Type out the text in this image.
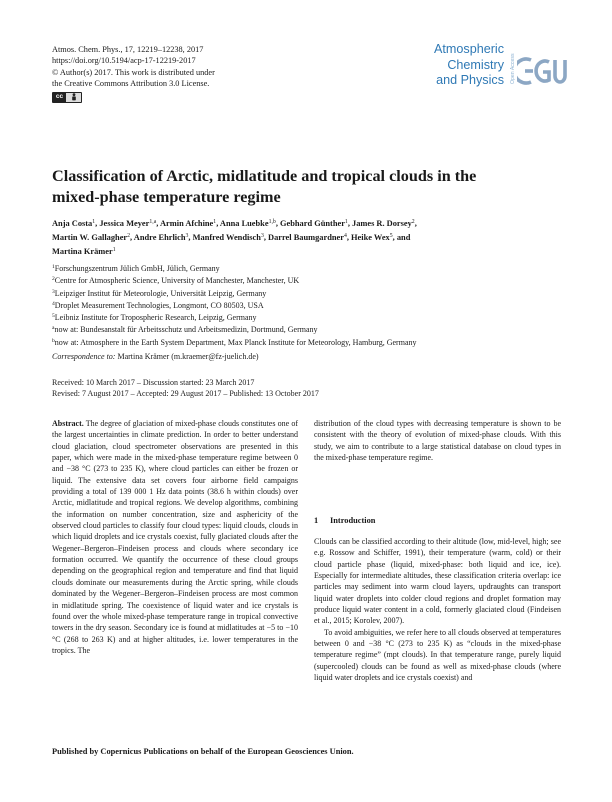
Atmos. Chem. Phys., 17, 12219–12238, 2017
https://doi.org/10.5194/acp-17-12219-2017
© Author(s) 2017. This work is distributed under
the Creative Commons Attribution 3.0 License.
cc
Atmospheric
Chemistry
and Physics Open Access
Classification of Arctic, midlatitude and tropical clouds in the mixed-phase temperature regime
Anja Costa$^1$, Jessica Meyer$^{1,a}$, Armin Afchine$^1$, Anna Luebke$^{1,b}$, Gebhard Günther$^1$, James R. Dorsey$^2$,
Martin W. Gallagher$^2$, Andre Ehrlich$^3$, Manfred Wendisch$^3$, Darrel Baumgardner$^4$, Heike Wex$^5$, and
Martina Krämer$^1$
$^1$Forschungszentrum Jülich GmbH, Jülich, Germany
$^2$Centre for Atmospheric Science, University of Manchester, Manchester, UK
$^3$Leipziger Institut für Meteorologie, Universität Leipzig, Germany
$^4$Droplet Measurement Technologies, Longmont, CO 80503, USA
$^5$Leibniz Institute for Tropospheric Research, Leipzig, Germany
$^a$now at: Bundesanstalt für Arbeitsschutz und Arbeitsmedizin, Dortmund, Germany
$^b$now at: Atmosphere in the Earth System Department, Max Planck Institute for Meteorology, Hamburg, Germany
Correspondence to: Martina Krämer (m.kraemer@fz-juelich.de)
Received: 10 March 2017 – Discussion started: 23 March 2017
Revised: 7 August 2017 – Accepted: 29 August 2017 – Published: 13 October 2017
Abstract. The degree of glaciation of mixed-phase clouds constitutes one of the largest uncertainties in climate prediction. In order to better understand cloud glaciation, cloud spectrometer observations are presented in this paper, which were made in the mixed-phase temperature regime between 0 and −38 °C (273 to 235 K), where cloud particles can either be frozen or liquid. The extensive data set covers four airborne field campaigns providing a total of 139 000 1 Hz data points (38.6 h within clouds) over Arctic, midlatitude and tropical regions. We develop algorithms, combining the information on number concentration, size and asphericity of the observed cloud particles to classify four cloud types: liquid clouds, clouds in which liquid droplets and ice crystals coexist, fully glaciated clouds after the Wegener–Bergeron–Findeisen process and clouds where secondary ice formation occurred. We quantify the occurrence of these cloud groups depending on the geographical region and temperature and find that liquid clouds dominate our measurements during the Arctic spring, while clouds dominated by the Wegener–Bergeron–Findeisen process are most common in midlatitude spring. The coexistence of liquid water and ice crystals is found over the whole mixed-phase temperature range in tropical convective towers in the dry season. Secondary ice is found at midlatitudes at −5 to −10 °C (268 to 263 K) and at higher altitudes, i.e. lower temperatures in the tropics. The
distribution of the cloud types with decreasing temperature is shown to be consistent with the theory of evolution of mixed-phase clouds. With this study, we aim to contribute to a large statistical database on cloud types in the mixed-phase temperature regime.
1 Introduction

Clouds can be classified according to their altitude (low, mid-level, high; see e.g. Rossow and Schiffer, 1991), their temperature (warm, cold) or their cloud particle phase (liquid, mixed-phase: both liquid and ice, ice). Especially for intermediate altitudes, these classification criteria overlap: ice particles may sediment into warm cloud layers, updraughts can transport liquid water droplets into colder cloud regions and droplet formation may produce liquid water content in a cold, formerly glaciated cloud (Findeisen et al., 2015; Korolev, 2007).

To avoid ambiguities, we refer here to all clouds observed at temperatures between 0 and −38 °C (273 to 235 K) as “clouds in the mixed-phase temperature regime” (mpt clouds). In that temperature range, purely liquid (supercooled) clouds can be found as well as mixed-phase clouds (where liquid water droplets and ice crystals coexist) and

Published by Copernicus Publications on behalf of the European Geosciences Union.
